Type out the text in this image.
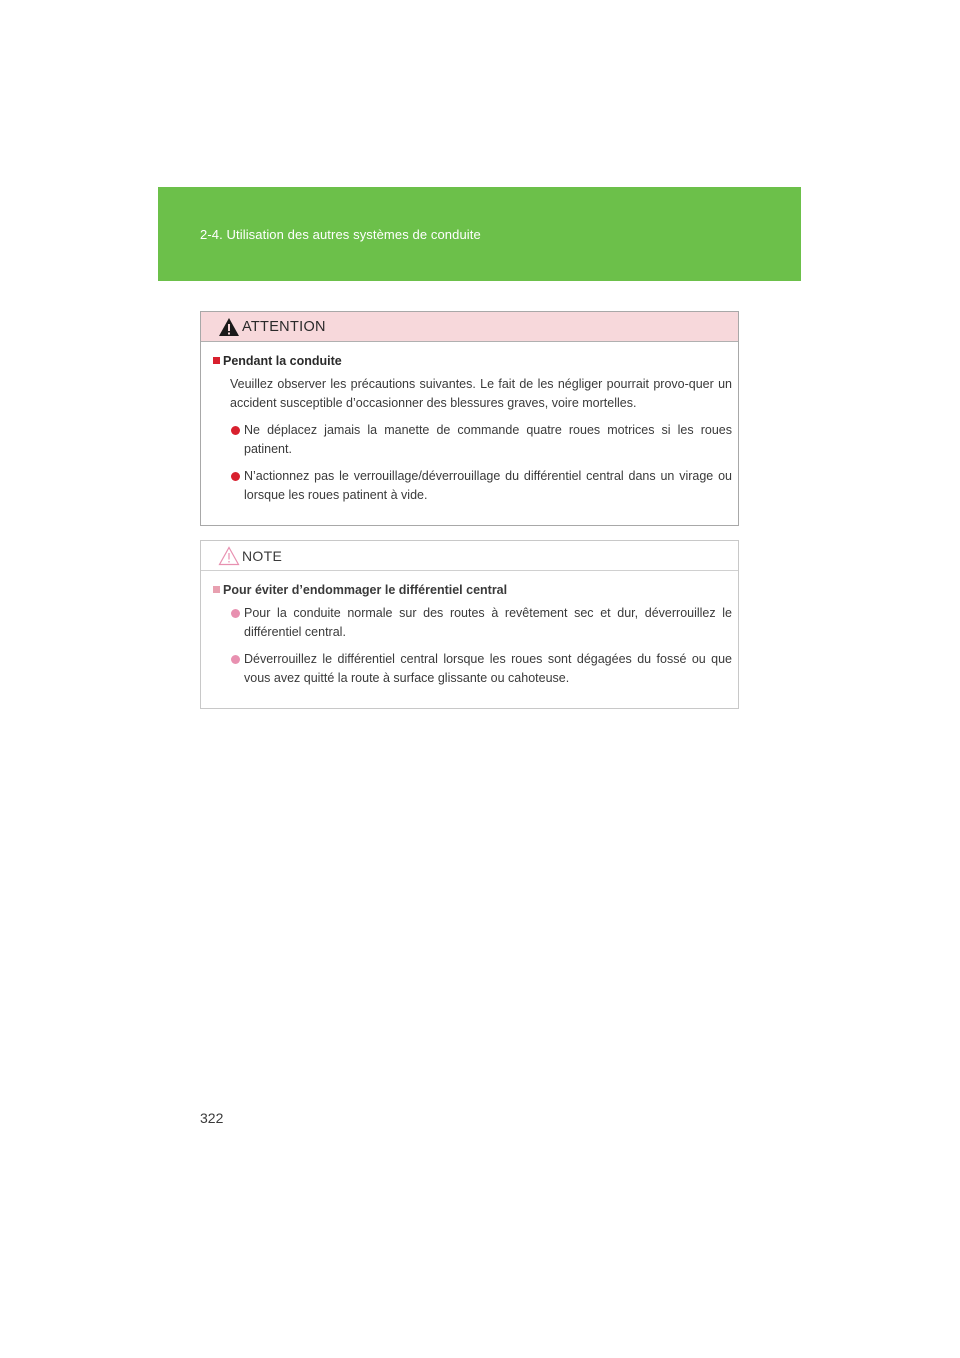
2-4. Utilisation des autres systèmes de conduite
ATTENTION
Pendant la conduite

Veuillez observer les précautions suivantes. Le fait de les négliger pourrait provo-quer un accident susceptible d’occasionner des blessures graves, voire mortelles.

Ne déplacez jamais la manette de commande quatre roues motrices si les roues patinent.
N’actionnez pas le verrouillage/déverrouillage du différentiel central dans un virage ou lorsque les roues patinent à vide.
NOTE
Pour éviter d’endommager le différentiel central
Pour la conduite normale sur des routes à revêtement sec et dur, déverrouillez le différentiel central.
Déverrouillez le différentiel central lorsque les roues sont dégagées du fossé ou que vous avez quitté la route à surface glissante ou cahoteuse.
322
